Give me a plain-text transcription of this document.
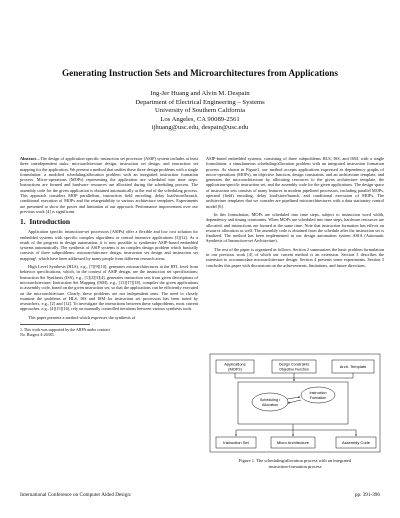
Generating Instruction Sets and Microarchitectures from Applications
Ing-Jer Huang and Alvin M. Despain
Department of Electrical Engineering – Systems
University of Southern California
Los Angeles, CA 90089-2561
ijhuang@usc.edu, despain@usc.edu

Abstract—The design of application-specific instruction set processor (ASIP) system includes at least three interdependent tasks: microarchitecture design, instruction set design, and instruction set mapping for the application. We present a method that unifies these three design problems with a single formulation: a modified scheduling/allocation problem with an integrated instruction formation process. Micro-operations (MOPs) representing the application are scheduled into time steps. Instructions are formed and hardware resources are allocated during the scheduling process. The assembly code for the given application is obtained automatically at the end of the scheduling process. This approach considers MOP parallelism, instruction field encoding, delay load/store/branch, conditional execution of MOPs and the retargetability to various architecture templates. Experiments are presented to show the power and limitation of our approach. Performance improvement over our previous work [4] is significant.

1. Introduction

Application specific instruction-set processors (ASIPs) offer a flexible and low cost solution for embedded systems with specific complex algorithms or control intensive applications [3][12]. As a result of the progress in design automation, it is now possible to synthesize ASIP-based embedded systems automatically. The synthesis of ASIP systems is an complex design problem which basically consists of three subproblems: microarchitecture design, instruction set design and instruction set mapping¹, which have been addressed by many people from different research areas.

High Level Synthesis (HLS), e.g., [7][9][10], generates microarchitectures at the RTL level from behavior specifications, which, in the context of ASIP design, are the instruction set specifications; Instruction Set Synthesis (ISS), e.g., [1][2][3][4], generates instruction sets from given descriptions of microarchitecture; Instruction Set Mapping (ISM), e.g., [13][17][18], compiles the given applications to assembly code, based on the given instruction set, so that the applications can be efficiently executed on the microarchitecture. Clearly, these problems are not independent ones. The need to closely examine the problems of HLS, ISS and ISM for instruction set processors has been noted by researchers, e.g., [2] and [12]. To investigate the interactions between these subproblems, most current approaches, e.g., [4][15][16], rely on manually controlled iterations between various synthesis tools.

This paper presents a method which expresses the synthesis of

1. This work was supported by the ARPA under contract
No. Rutgers 4-26385.

ASIP-based embedded systems, consisting of three subproblems HLS, ISS, and ISM, with a single formulation: a simultaneous scheduling/allocation problem with an integrated instruction formation process. As shown in Figure1, our method accepts applications expressed as dependency graphs of micro-operations (MOPs), an objective function, design constraints, and an architecture template, and generates the microarchitecture by allocating resources to the given architecture template, the application-specific instruction set, and the assembly code for the given applications. The design space of instruction sets consists of many features in modern pipelined processors, including parallel MOPs, operand (field) encoding, delay load/store/branch, and conditional execution of MOPs. The architecture templates that we consider are pipelined microarchitectures with a data stationary control model [6].

In this formulation, MOPs are scheduled into time steps, subject to instruction word width, dependency and timing constraints. When MOPs are scheduled into time steps, hardware resources are allocated, and instructions are formed at the same time. Note that instruction formation has effects on resource allocation as well. The assembly code is obtained from the schedule after the instruction set is finalized. The method has been implemented in our design automation system ASIA (Automatic Synthesis of Instruction-set Architecture).

The rest of the paper is organized as follows. Section 2 summarizes the basic problem formulation in our previous work [4] of which our current method is an extension. Section 3 describes the extension to accommodate microarchitecture design. Section 4 presents some experiments. Section 5 concludes this paper with discussions on the achievements, limitations, and future directions.

Applications
(MOPs)
Design Constraints
Objective Function
Arch. Template
Scheduling /
Allocation
Instruction
Formation
Instruction Set	Micro Architecture	Assembly Code
Figure 1. The scheduling/allocation process with an integrated
instruction-formation process
International Conference on Computer Aided Design:	pp. 391-396
